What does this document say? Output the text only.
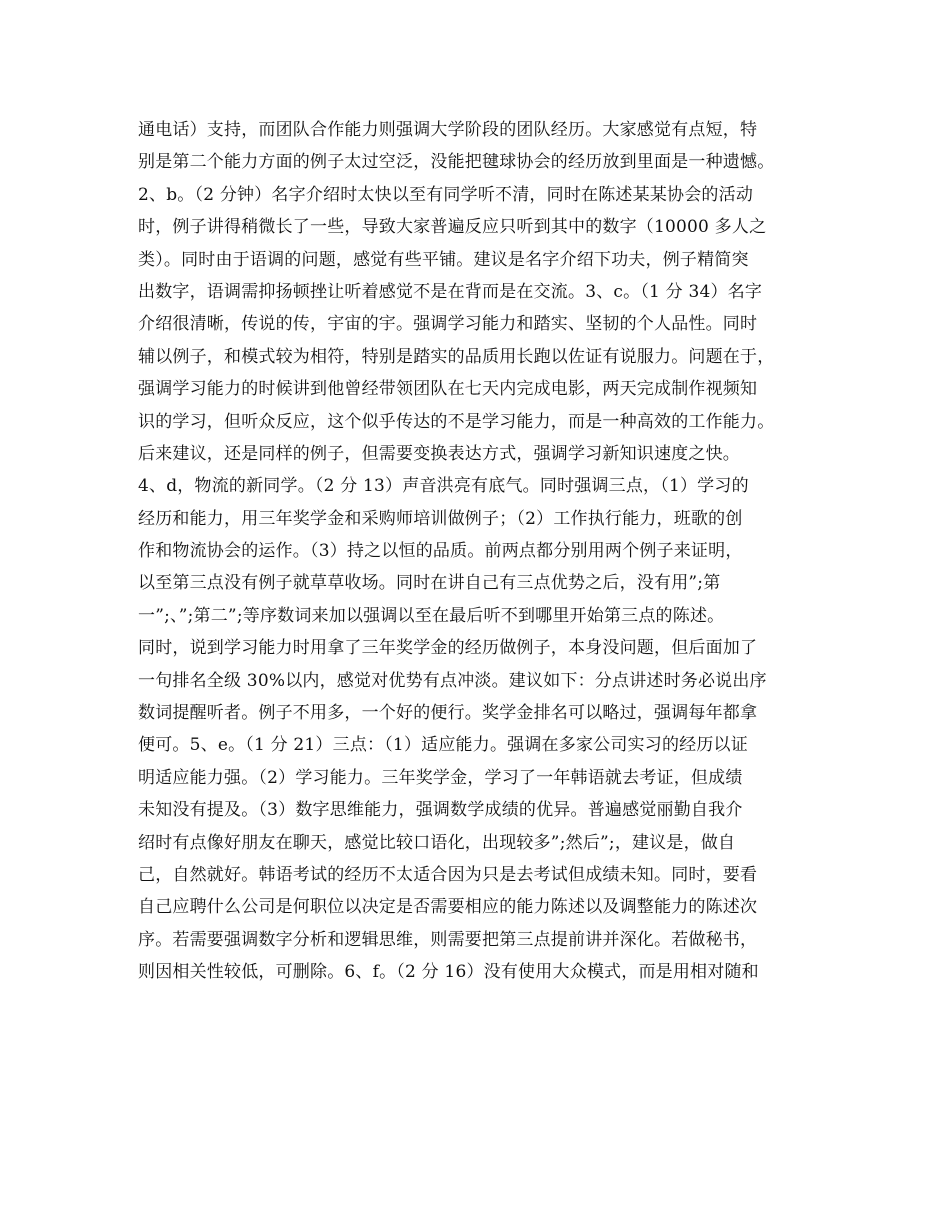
通电话）支持，而团队合作能力则强调大学阶段的团队经历。大家感觉有点短，特
别是第二个能力方面的例子太过空泛，没能把毽球协会的经历放到里面是一种遗憾。
2、b。（2 分钟）名字介绍时太快以至有同学听不清，同时在陈述某某协会的活动
时，例子讲得稍微长了一些，导致大家普遍反应只听到其中的数字（10000 多人之
类）。同时由于语调的问题，感觉有些平铺。建议是名字介绍下功夫，例子精简突
出数字，语调需抑扬顿挫让听着感觉不是在背而是在交流。3、c。（1 分 34）名字
介绍很清晰，传说的传，宇宙的宇。强调学习能力和踏实、坚韧的个人品性。同时
辅以例子，和模式较为相符，特别是踏实的品质用长跑以佐证有说服力。问题在于，
强调学习能力的时候讲到他曾经带领团队在七天内完成电影，两天完成制作视频知
识的学习，但听众反应，这个似乎传达的不是学习能力，而是一种高效的工作能力。
后来建议，还是同样的例子，但需要变换表达方式，强调学习新知识速度之快。
4、d，物流的新同学。（2 分 13）声音洪亮有底气。同时强调三点，（1）学习的
经历和能力，用三年奖学金和采购师培训做例子；（2）工作执行能力，班歌的创
作和物流协会的运作。（3）持之以恒的品质。前两点都分别用两个例子来证明，
以至第三点没有例子就草草收场。同时在讲自己有三点优势之后，没有用”;第
一”;、”;第二”;等序数词来加以强调以至在最后听不到哪里开始第三点的陈述。
同时，说到学习能力时用拿了三年奖学金的经历做例子，本身没问题，但后面加了
一句排名全级 30%以内，感觉对优势有点冲淡。建议如下：分点讲述时务必说出序
数词提醒听者。例子不用多，一个好的便行。奖学金排名可以略过，强调每年都拿
便可。5、e。（1 分 21）三点：（1）适应能力。强调在多家公司实习的经历以证
明适应能力强。（2）学习能力。三年奖学金，学习了一年韩语就去考证，但成绩
未知没有提及。（3）数字思维能力，强调数学成绩的优异。普遍感觉丽勤自我介
绍时有点像好朋友在聊天，感觉比较口语化，出现较多”;然后”;，建议是，做自
己，自然就好。韩语考试的经历不太适合因为只是去考试但成绩未知。同时，要看
自己应聘什么公司是何职位以决定是否需要相应的能力陈述以及调整能力的陈述次
序。若需要强调数字分析和逻辑思维，则需要把第三点提前讲并深化。若做秘书，
则因相关性较低，可删除。6、f。（2 分 16）没有使用大众模式，而是用相对随和
